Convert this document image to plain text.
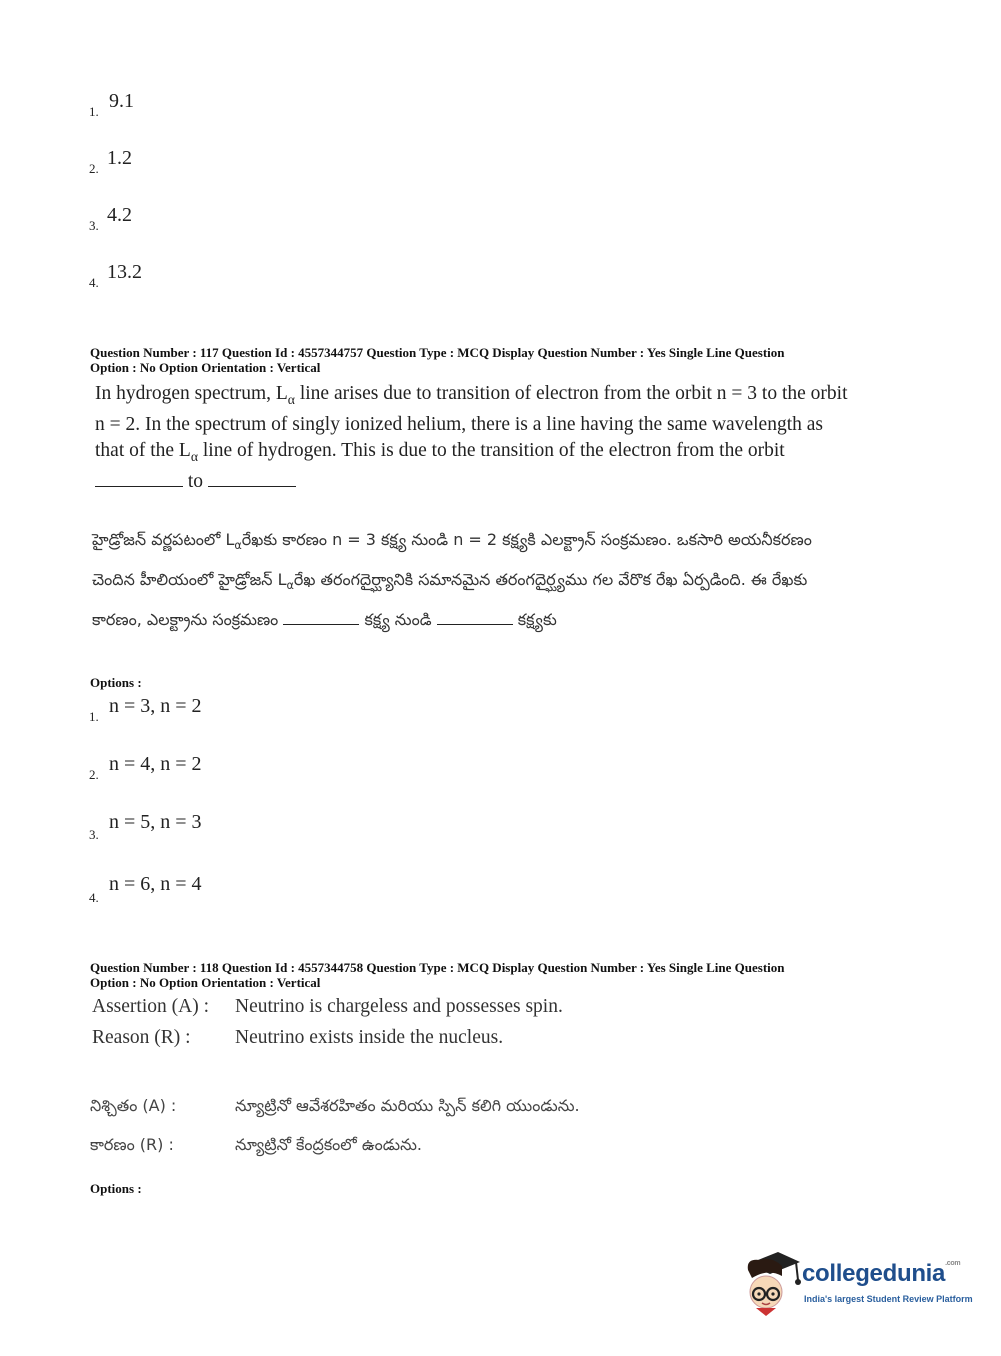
1. 9.1
2. 1.2
3. 4.2
4. 13.2
Question Number : 117 Question Id : 4557344757 Question Type : MCQ Display Question Number : Yes Single Line Question
Option : No Option Orientation : Vertical
In hydrogen spectrum, $L_\alpha$ line arises due to transition of electron from the orbit n = 3 to the orbit n = 2. In the spectrum of singly ionized helium, there is a line having the same wavelength as that of the $L_\alpha$ line of hydrogen. This is due to the transition of the electron from the orbit  to
హైడ్రోజన్ వర్ణపటంలో $L_\alpha రేఖకు$ కారణం n = 3 కక్ష్య నుండి n = 2 కక్ష్యకి ఎలక్ట్రాన్ సంక్రమణం. ఒకసారి అయనీకరణం చెందిన హీలియంలో హైడ్రోజన్ $L_\alpha రేఖ$ తరంగదైర్ఘ్యానికి సమానమైన తరంగదైర్ఘ్యము గల వేరొక రేఖ ఏర్పడింది. ఈ రేఖకు కారణం, ఎలక్ట్రాను సంక్రమణం	కక్ష్య నుండి	కక్ష్యకు
Options :
1. n = 3, n = 2
2. n = 4, n = 2
3.
n = 5, n = 3
4.
n = 6, n = 4
Question Number : 118 Question Id : 4557344758 Question Type : MCQ Display Question Number : Yes Single Line Question
Option : No Option Orientation : Vertical
Assertion (A) : Neutrino is chargeless and possesses spin.
Reason (R) : Neutrino exists inside the nucleus.
నిశ్చితం (A) :	న్యూట్రినో ఆవేశరహితం మరియు స్పిన్ కలిగి యుండును.
కారణం (R) :	న్యూట్రినో కేంద్రకంలో ఉండును.
Options :
collegedunia$^{.com}$
India's largest Student Review Platform
